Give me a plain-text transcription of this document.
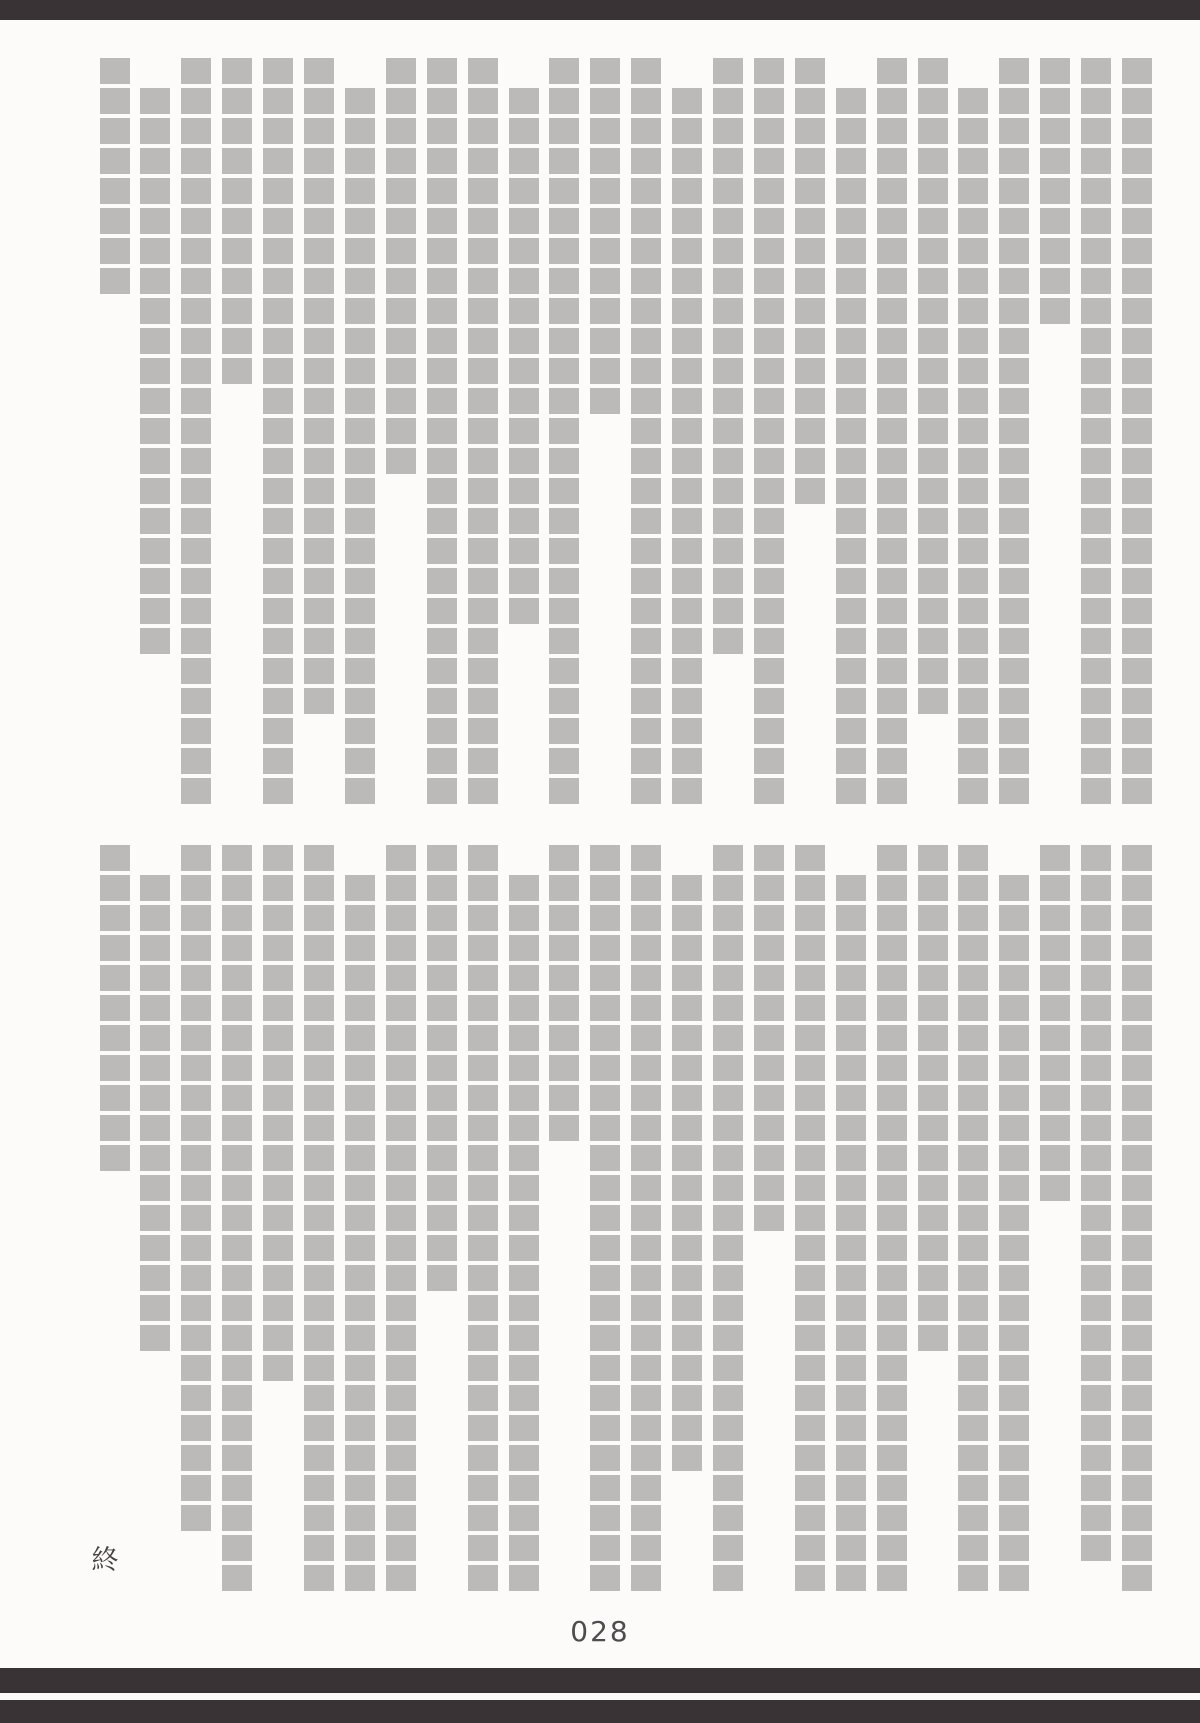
終
028
